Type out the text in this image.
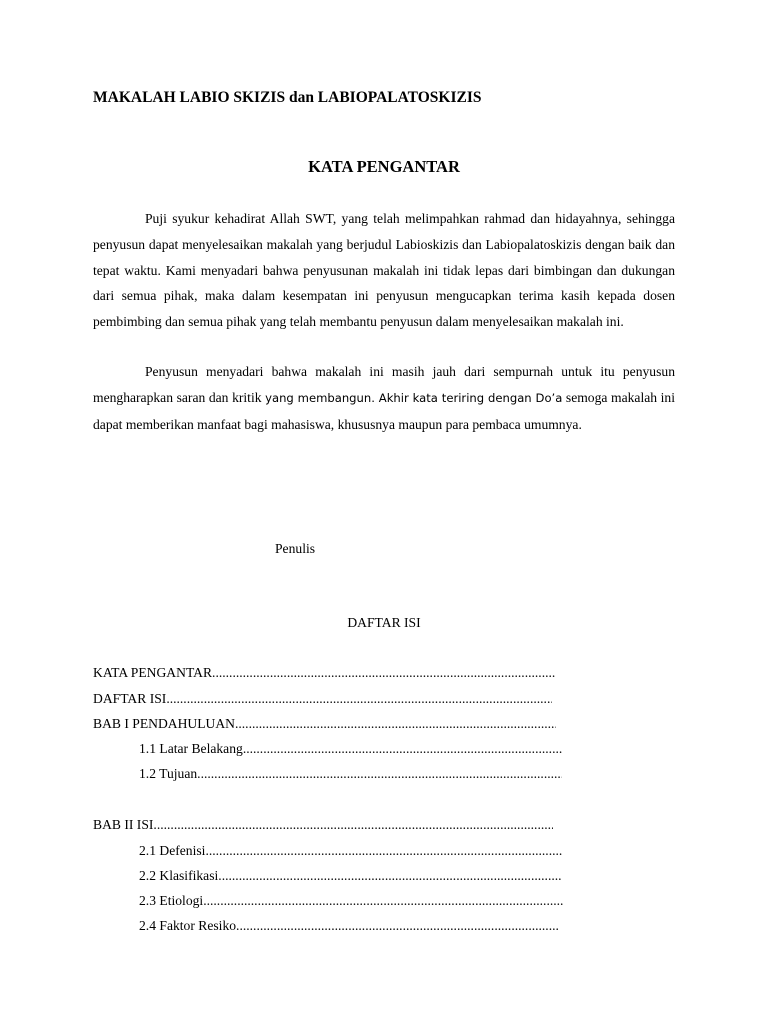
MAKALAH LABIO SKIZIS dan LABIOPALATOSKIZIS
KATA PENGANTAR

Puji syukur kehadirat Allah SWT, yang telah melimpahkan rahmad dan hidayahnya, sehingga penyusun dapat menyelesaikan makalah yang berjudul Labioskizis dan Labiopalatoskizis dengan baik dan tepat waktu. Kami menyadari bahwa penyusunan makalah ini tidak lepas dari bimbingan dan dukungan dari semua pihak, maka dalam kesempatan ini penyusun mengucapkan terima kasih kepada dosen pembimbing dan semua pihak yang telah membantu penyusun dalam menyelesaikan makalah ini.

Penyusun menyadari bahwa makalah ini masih jauh dari sempurnah untuk itu penyusun mengharapkan saran dan kritik yang membangun. Akhir kata teriring dengan Do’a semoga makalah ini dapat memberikan manfaat bagi mahasiswa, khususnya maupun para pembaca umumnya.

Penulis
DAFTAR ISI
KATA PENGANTAR
.....
DAFTAR ISI
.....
BAB I PENDAHULUAN
.....
1.1 Latar Belakang
.....
1.2 Tujuan
.....
BAB II ISI
.....
2.1 Defenisi
.....
2.2 Klasifikasi
.....
2.3 Etiologi
.....
2.4 Faktor Resiko
.....
